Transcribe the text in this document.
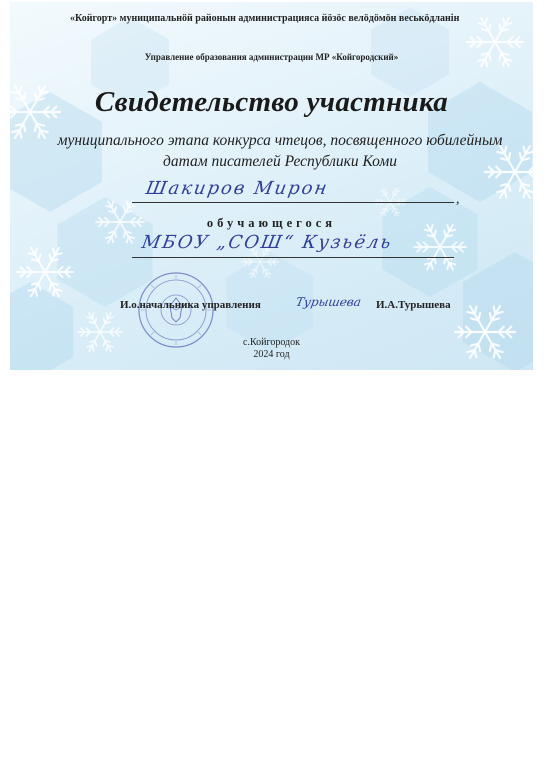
«Койгорт» муниципальнӧй районын администрацияса йӧзӧс велӧдӧмӧн веськӧдланін
Управление образования администрации МР «Койгородский»
Свидетельство участника
муниципального этапа конкурса чтецов, посвященного юбилейным датам писателей Республики Коми
Шакиров Мирон
,
обучающегося
МБОУ „СОШ“ Кузьёль
И.о.начальника управления	Турышева И.А.Турышева
с.Койгородок
2024 год
